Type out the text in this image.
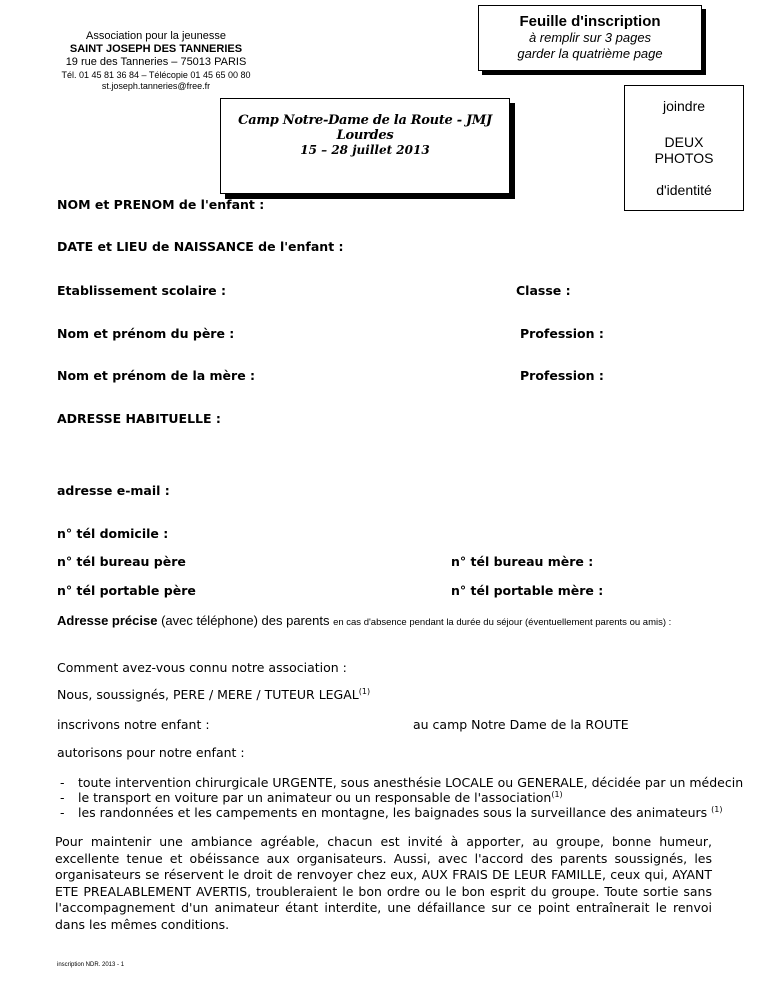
Association pour la jeunesse
SAINT JOSEPH DES TANNERIES
19 rue des Tanneries – 75013 PARIS
Tél. 01 45 81 36 84 – Télécopie 01 45 65 00 80
st.joseph.tanneries@free.fr
Feuille d'inscription
à remplir sur 3 pages
garder la quatrième page
Camp Notre-Dame de la Route - JMJ Lourdes
15 – 28 juillet 2013
joindre
DEUX
PHOTOS
d'identité
NOM et PRENOM de l'enfant :
DATE et LIEU de NAISSANCE de l'enfant :
Etablissement scolaire :	Classe :
Nom et prénom du père :	Profession :
Nom et prénom de la mère :	Profession :
ADRESSE HABITUELLE :
adresse e-mail :
n° tél domicile :
n° tél bureau père	n° tél bureau mère :
n° tél portable père	n° tél portable mère :
Adresse précise (avec téléphone) des parents en cas d'absence pendant la durée du séjour (éventuellement parents ou amis) :
Comment avez-vous connu notre association :
Nous, soussignés, PERE / MERE / TUTEUR LEGAL$^{(1)}$
inscrivons notre enfant :	au camp Notre Dame de la ROUTE
autorisons pour notre enfant :
- toute intervention chirurgicale URGENTE, sous anesthésie LOCALE ou GENERALE, décidée par un médecin
- le transport en voiture par un animateur ou un responsable de l'association$^{(1)}$
- les randonnées et les campements en montagne, les baignades sous la surveillance des animateurs $^{(1)}$
Pour maintenir une ambiance agréable, chacun est invité à apporter, au groupe, bonne humeur, excellente tenue et obéissance aux organisateurs. Aussi, avec l'accord des parents soussignés, les organisateurs se réservent le droit de renvoyer chez eux, AUX FRAIS DE LEUR FAMILLE, ceux qui, AYANT ETE PREALABLEMENT AVERTIS, troubleraient le bon ordre ou le bon esprit du groupe. Toute sortie sans l'accompagnement d'un animateur étant interdite, une défaillance sur ce point entraînerait le renvoi dans les mêmes conditions.
inscription NDR. 2013 - 1
